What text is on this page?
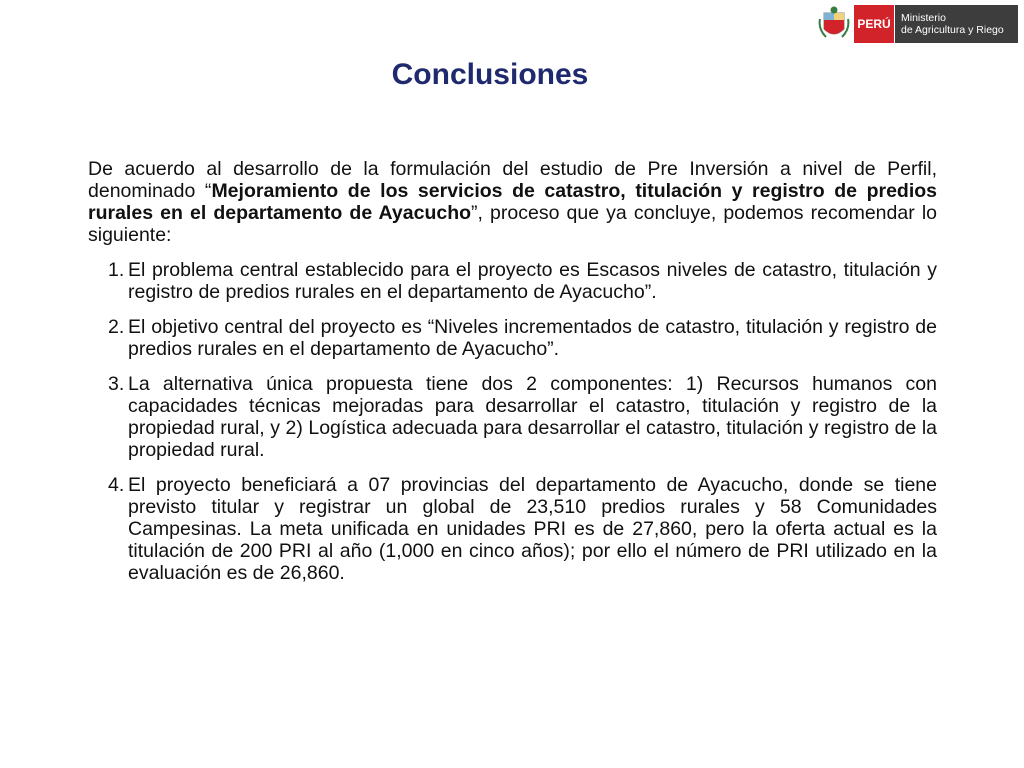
PERÚ Ministerio
de Agricultura y Riego
Conclusiones

De acuerdo al desarrollo de la formulación del estudio de Pre Inversión a nivel de Perfil, denominado “Mejoramiento de los servicios de catastro, titulación y registro de predios rurales en el departamento de Ayacucho”, proceso que ya concluye, podemos recomendar lo siguiente:

1. El problema central establecido para el proyecto es Escasos niveles de catastro, titulación y registro de predios rurales en el departamento de Ayacucho”.
2. El objetivo central del proyecto es “Niveles incrementados de catastro, titulación y registro de predios rurales en el departamento de Ayacucho”.
3. La alternativa única propuesta tiene dos 2 componentes: 1) Recursos humanos con capacidades técnicas mejoradas para desarrollar el catastro, titulación y registro de la propiedad rural, y 2) Logística adecuada para desarrollar el catastro, titulación y registro de la propiedad rural.
4. El proyecto beneficiará a 07 provincias del departamento de Ayacucho, donde se tiene previsto titular y registrar un global de 23,510 predios rurales y 58 Comunidades Campesinas. La meta unificada en unidades PRI es de 27,860, pero la oferta actual es la titulación de 200 PRI al año (1,000 en cinco años); por ello el número de PRI utilizado en la evaluación es de 26,860.
